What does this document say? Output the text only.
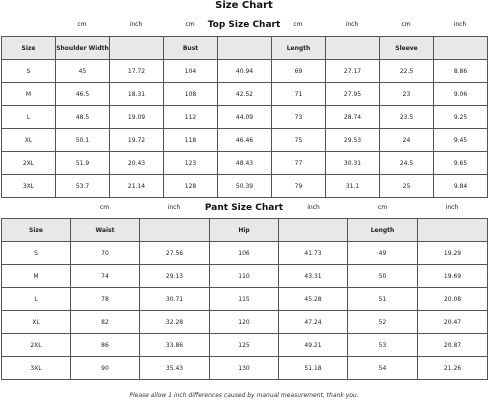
Size Chart
cm	inch	cm	Top Size Chart	cm	inch	cm	inch
Size	Shoulder Width		Bust		Length		Sleeve	
S	45	17.72	104	40.94	69	27.17	22.5	8.86
M	46.5	18.31	108	42.52	71	27.95	23	9.06
L	48.5	19.09	112	44.09	73	28.74	23.5	9.25
XL	50.1	19.72	118	46.46	75	29.53	24	9.45
2XL	51.9	20.43	123	48.43	77	30.31	24.5	9.65
3XL	53.7	21.14	128	50.39	79	31.1	25	9.84
cm	inch	Pant Size Chart	inch	cm	inch
Size	Waist		Hip		Length	
S	70	27.56	106	41.73	49	19.29
M	74	29.13	110	43.31	50	19.69
L	78	30.71	115	45.28	51	20.08
XL	82	32.28	120	47.24	52	20.47
2XL	86	33.86	125	49.21	53	20.87
3XL	90	35.43	130	51.18	54	21.26
Please allow 1 inch differences caused by manual measurement, thank you.
